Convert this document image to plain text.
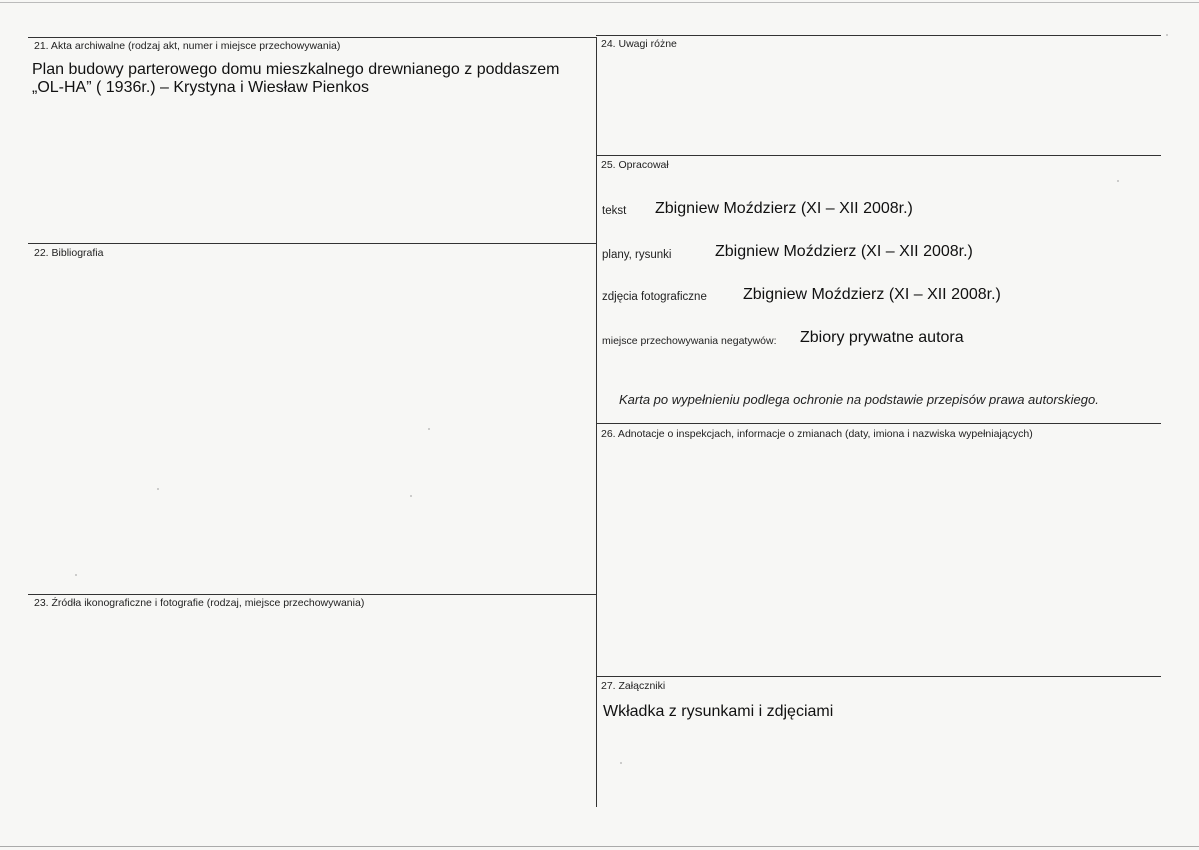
21. Akta archiwalne (rodzaj akt, numer i miejsce przechowywania)
Plan budowy parterowego domu mieszkalnego drewnianego z poddaszem
„OL-HA” ( 1936r.) – Krystyna i Wiesław Pienkos
22. Bibliografia
23. Źródła ikonograficzne i fotografie (rodzaj, miejsce przechowywania)
24. Uwagi różne
25. Opracował
tekst Zbigniew Moździerz (XI – XII 2008r.)
plany, rysunki	Zbigniew Moździerz (XI – XII 2008r.)
zdjęcia fotograficzne Zbigniew Moździerz (XI – XII 2008r.)
miejsce przechowywania negatywów: Zbiory prywatne autora
Karta po wypełnieniu podlega ochronie na podstawie przepisów prawa autorskiego.
26. Adnotacje o inspekcjach, informacje o zmianach (daty, imiona i nazwiska wypełniających)
27. Załączniki
Wkładka z rysunkami i zdjęciami
